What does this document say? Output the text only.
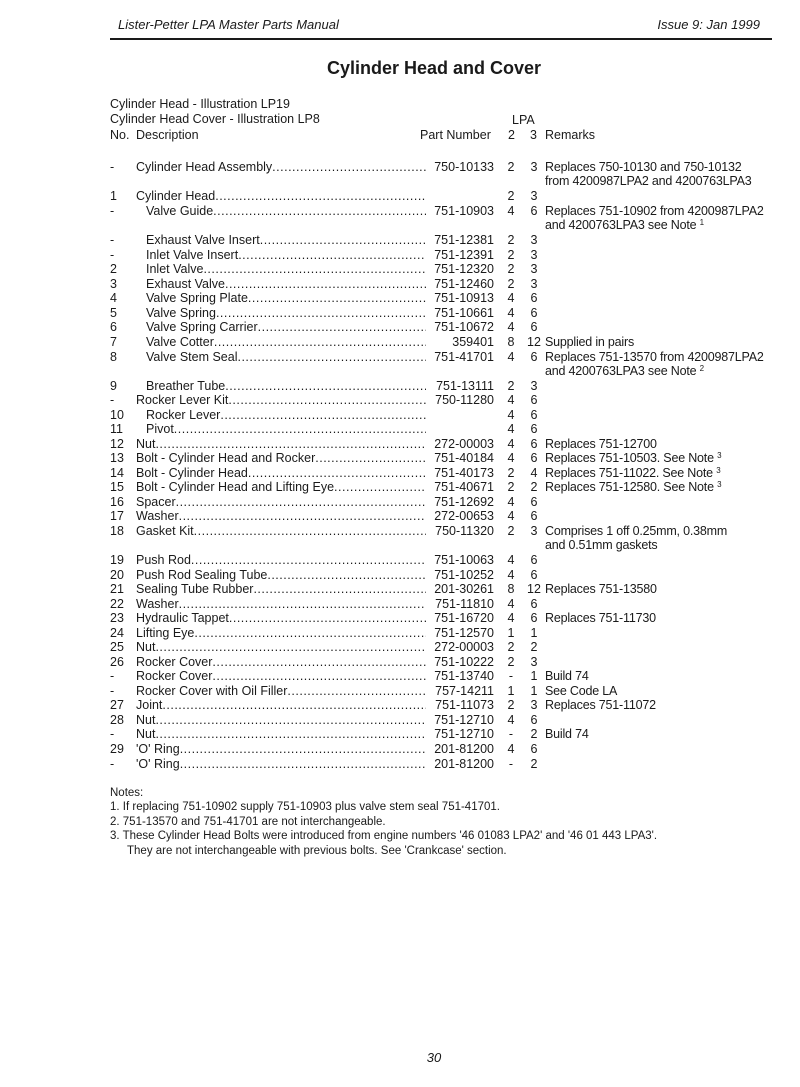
Lister-Petter LPA Master Parts Manual	Issue 9: Jan 1999
Cylinder Head and Cover
Cylinder Head - Illustration LP19
Cylinder Head Cover - Illustration LP8	LPA
No. Description	Part Number 2 3 Remarks
- Cylinder Head Assembly .....	750-10133 2	3 Replaces 750-10130 and 750-10132
from 4200987LPA2 and 4200763LPA3
1 Cylinder Head .....	2	3
-	Valve Guide .....	751-10903 4	6 Replaces 751-10902 from 4200987LPA2
and 4200763LPA3 see Note $^1$
-	Exhaust Valve Insert .....	751-12381 2	3
-	Inlet Valve Insert .....	751-12391 2	3
2 Inlet Valve .....	751-12320 2	3
3 Exhaust Valve .....	751-12460 2	3
4 Valve Spring Plate .....	751-10913 4	6
5 Valve Spring .....	751-10661 4	6
6 Valve Spring Carrier .....	751-10672 4	6
7 Valve Cotter .....	359401 8 12 Supplied in pairs
8 Valve Stem Seal .....	751-41701 4	6 Replaces 751-13570 from 4200987LPA2
and 4200763LPA3 see Note $^2$
9 Breather Tube .....	751-13111 2	3
- Rocker Lever Kit .....	750-11280 4	6
10 Rocker Lever .....	4	6
11 Pivot .....	4	6
12 Nut .....	272-00003 4	6 Replaces 751-12700
13 Bolt - Cylinder Head and Rocker .....	751-40184 4	6 Replaces 751-10503. See Note $^3$
14 Bolt - Cylinder Head .....	751-40173 2	4 Replaces 751-11022. See Note $^3$
15 Bolt - Cylinder Head and Lifting Eye .....	751-40671 2	2 Replaces 751-12580. See Note $^3$
16 Spacer .....	751-12692 4	6
17 Washer .....	272-00653 4	6
18 Gasket Kit .....	750-11320 2	3 Comprises 1 off 0.25mm, 0.38mm
and 0.51mm gaskets
19 Push Rod .....	751-10063 4	6
20 Push Rod Sealing Tube .....	751-10252 4	6
21 Sealing Tube Rubber .....	201-30261 8 12 Replaces 751-13580
22 Washer .....	751-11810 4	6
23 Hydraulic Tappet .....	751-16720 4	6 Replaces 751-11730
24 Lifting Eye .....	751-12570 1	1
25 Nut .....	272-00003 2	2
26 Rocker Cover .....	751-10222 2	3
- Rocker Cover .....	751-13740	-	1 Build 74
- Rocker Cover with Oil Filler .....	757-14211 1	1 See Code LA
27 Joint .....	751-11073 2	3 Replaces 751-11072
28 Nut .....	751-12710 4	6
- Nut .....	751-12710	-	2 Build 74
29 'O' Ring .....	201-81200 4	6
- 'O' Ring .....	201-81200	-	2
Notes:
1. If replacing 751-10902 supply 751-10903 plus valve stem seal 751-41701.
2. 751-13570 and 751-41701 are not interchangeable.
3. These Cylinder Head Bolts were introduced from engine numbers '46 01083 LPA2' and '46 01 443 LPA3'.
They are not interchangeable with previous bolts. See 'Crankcase' section.
30
